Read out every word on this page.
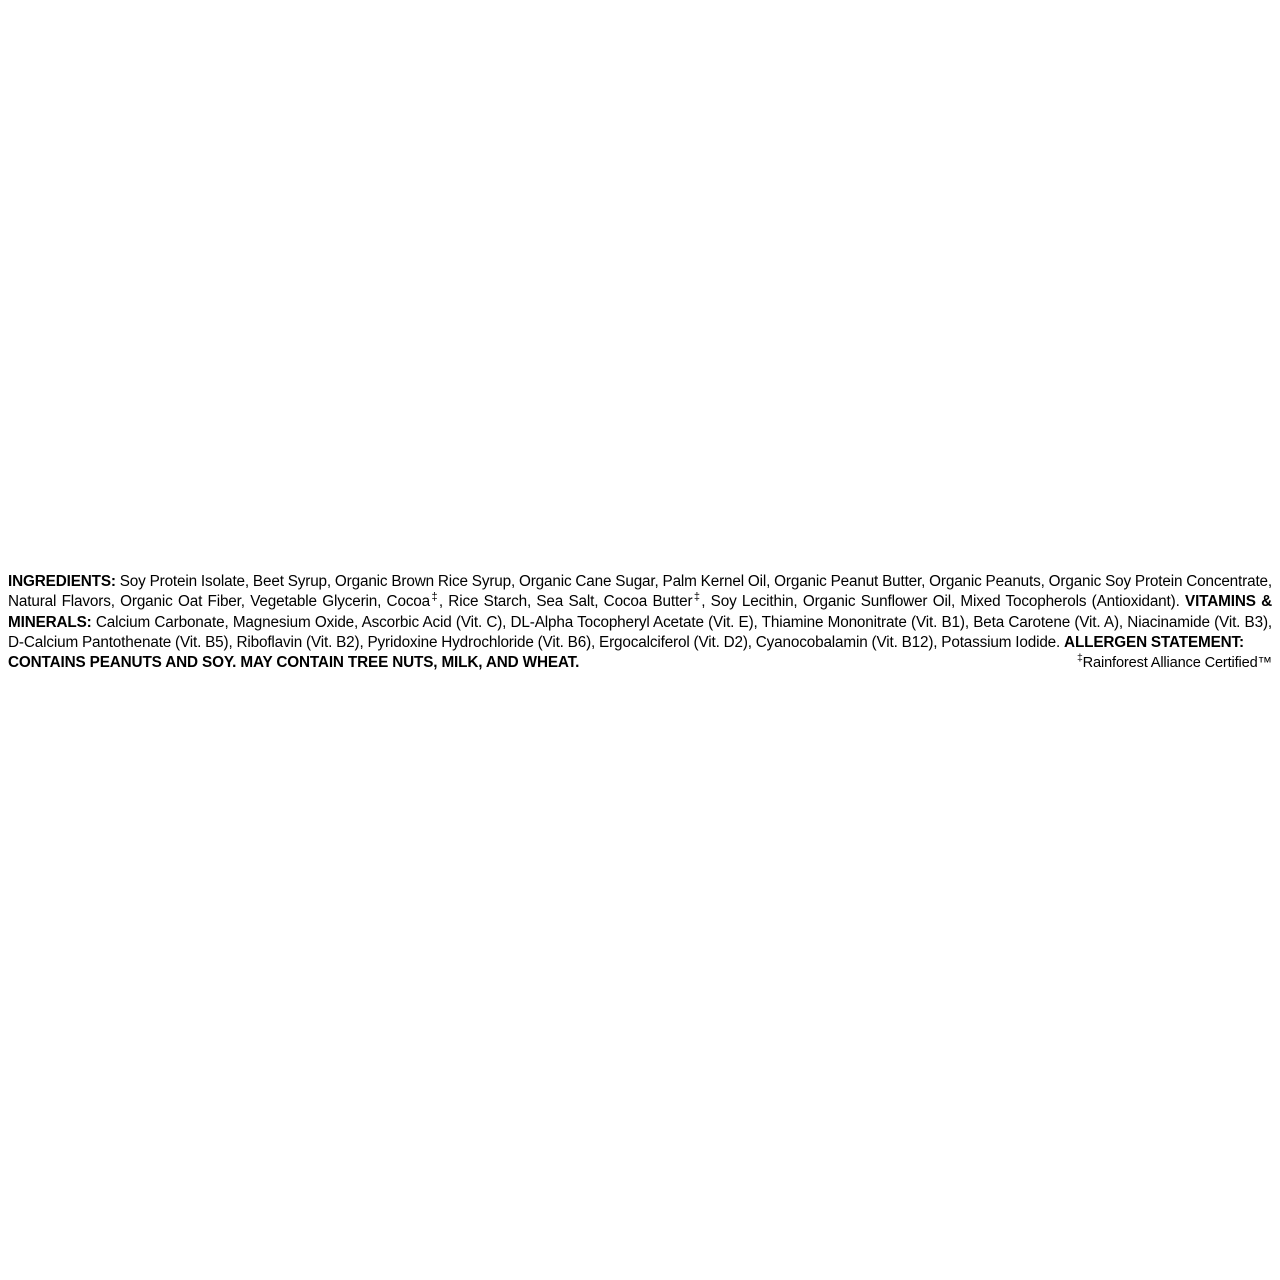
INGREDIENTS: Soy Protein Isolate, Beet Syrup, Organic Brown Rice Syrup, Organic Cane Sugar, Palm Kernel Oil, Organic Peanut Butter, Organic Peanuts, Organic Soy Protein Concentrate, Natural Flavors, Organic Oat Fiber, Vegetable Glycerin, Cocoa‡, Rice Starch, Sea Salt, Cocoa Butter‡, Soy Lecithin, Organic Sunflower Oil, Mixed Tocopherols (Antioxidant). VITAMINS & MINERALS: Calcium Carbonate, Magnesium Oxide, Ascorbic Acid (Vit. C), DL-Alpha Tocopheryl Acetate (Vit. E), Thiamine Mononitrate (Vit. B1), Beta Carotene (Vit. A), Niacinamide (Vit. B3), D-Calcium Pantothenate (Vit. B5), Riboflavin (Vit. B2), Pyridoxine Hydrochloride (Vit. B6), Ergocalciferol (Vit. D2), Cyanocobalamin (Vit. B12), Potassium Iodide. ALLERGEN STATEMENT:
CONTAINS PEANUTS AND SOY. MAY CONTAIN TREE NUTS, MILK, AND WHEAT.	‡Rainforest Alliance Certified™
